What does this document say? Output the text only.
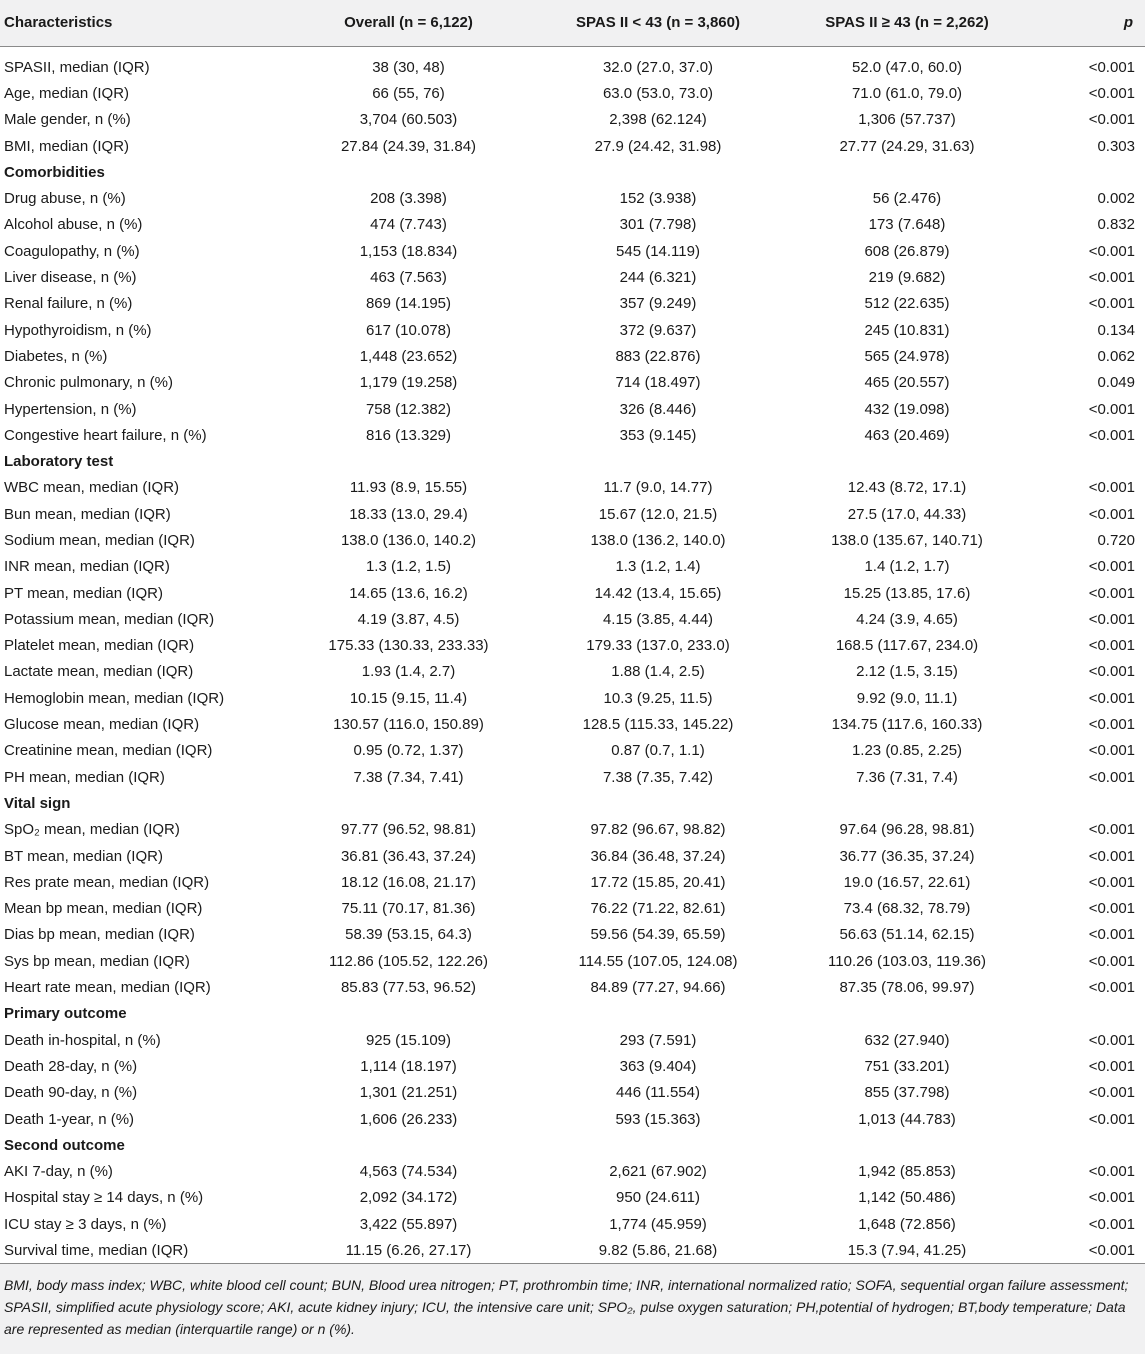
Characteristics	Overall (n = 6,122)	SPAS II < 43 (n = 3,860)	SPAS II ≥ 43 (n = 2,262)	p

SPASII, median (IQR)	38 (30, 48)	32.0 (27.0, 37.0)	52.0 (47.0, 60.0)	<0.001
Age, median (IQR)	66 (55, 76)	63.0 (53.0, 73.0)	71.0 (61.0, 79.0)	<0.001
Male gender, n (%)	3,704 (60.503)	2,398 (62.124)	1,306 (57.737)	<0.001
BMI, median (IQR)	27.84 (24.39, 31.84)	27.9 (24.42, 31.98)	27.77 (24.29, 31.63)	0.303
Comorbidities				
Drug abuse, n (%)	208 (3.398)	152 (3.938)	56 (2.476)	0.002
Alcohol abuse, n (%)	474 (7.743)	301 (7.798)	173 (7.648)	0.832
Coagulopathy, n (%)	1,153 (18.834)	545 (14.119)	608 (26.879)	<0.001
Liver disease, n (%)	463 (7.563)	244 (6.321)	219 (9.682)	<0.001
Renal failure, n (%)	869 (14.195)	357 (9.249)	512 (22.635)	<0.001
Hypothyroidism, n (%)	617 (10.078)	372 (9.637)	245 (10.831)	0.134
Diabetes, n (%)	1,448 (23.652)	883 (22.876)	565 (24.978)	0.062
Chronic pulmonary, n (%)	1,179 (19.258)	714 (18.497)	465 (20.557)	0.049
Hypertension, n (%)	758 (12.382)	326 (8.446)	432 (19.098)	<0.001
Congestive heart failure, n (%)	816 (13.329)	353 (9.145)	463 (20.469)	<0.001
Laboratory test				
WBC mean, median (IQR)	11.93 (8.9, 15.55)	11.7 (9.0, 14.77)	12.43 (8.72, 17.1)	<0.001
Bun mean, median (IQR)	18.33 (13.0, 29.4)	15.67 (12.0, 21.5)	27.5 (17.0, 44.33)	<0.001
Sodium mean, median (IQR)	138.0 (136.0, 140.2)	138.0 (136.2, 140.0)	138.0 (135.67, 140.71)	0.720
INR mean, median (IQR)	1.3 (1.2, 1.5)	1.3 (1.2, 1.4)	1.4 (1.2, 1.7)	<0.001
PT mean, median (IQR)	14.65 (13.6, 16.2)	14.42 (13.4, 15.65)	15.25 (13.85, 17.6)	<0.001
Potassium mean, median (IQR)	4.19 (3.87, 4.5)	4.15 (3.85, 4.44)	4.24 (3.9, 4.65)	<0.001
Platelet mean, median (IQR)	175.33 (130.33, 233.33)	179.33 (137.0, 233.0)	168.5 (117.67, 234.0)	<0.001
Lactate mean, median (IQR)	1.93 (1.4, 2.7)	1.88 (1.4, 2.5)	2.12 (1.5, 3.15)	<0.001
Hemoglobin mean, median (IQR)	10.15 (9.15, 11.4)	10.3 (9.25, 11.5)	9.92 (9.0, 11.1)	<0.001
Glucose mean, median (IQR)	130.57 (116.0, 150.89)	128.5 (115.33, 145.22)	134.75 (117.6, 160.33)	<0.001
Creatinine mean, median (IQR)	0.95 (0.72, 1.37)	0.87 (0.7, 1.1)	1.23 (0.85, 2.25)	<0.001
PH mean, median (IQR)	7.38 (7.34, 7.41)	7.38 (7.35, 7.42)	7.36 (7.31, 7.4)	<0.001
Vital sign				
SpO₂ mean, median (IQR)	97.77 (96.52, 98.81)	97.82 (96.67, 98.82)	97.64 (96.28, 98.81)	<0.001
BT mean, median (IQR)	36.81 (36.43, 37.24)	36.84 (36.48, 37.24)	36.77 (36.35, 37.24)	<0.001
Res prate mean, median (IQR)	18.12 (16.08, 21.17)	17.72 (15.85, 20.41)	19.0 (16.57, 22.61)	<0.001
Mean bp mean, median (IQR)	75.11 (70.17, 81.36)	76.22 (71.22, 82.61)	73.4 (68.32, 78.79)	<0.001
Dias bp mean, median (IQR)	58.39 (53.15, 64.3)	59.56 (54.39, 65.59)	56.63 (51.14, 62.15)	<0.001
Sys bp mean, median (IQR)	112.86 (105.52, 122.26)	114.55 (107.05, 124.08)	110.26 (103.03, 119.36)	<0.001
Heart rate mean, median (IQR)	85.83 (77.53, 96.52)	84.89 (77.27, 94.66)	87.35 (78.06, 99.97)	<0.001
Primary outcome				
Death in-hospital, n (%)	925 (15.109)	293 (7.591)	632 (27.940)	<0.001
Death 28-day, n (%)	1,114 (18.197)	363 (9.404)	751 (33.201)	<0.001
Death 90-day, n (%)	1,301 (21.251)	446 (11.554)	855 (37.798)	<0.001
Death 1-year, n (%)	1,606 (26.233)	593 (15.363)	1,013 (44.783)	<0.001
Second outcome				
AKI 7-day, n (%)	4,563 (74.534)	2,621 (67.902)	1,942 (85.853)	<0.001
Hospital stay ≥ 14 days, n (%)	2,092 (34.172)	950 (24.611)	1,142 (50.486)	<0.001
ICU stay ≥ 3 days, n (%)	3,422 (55.897)	1,774 (45.959)	1,648 (72.856)	<0.001
Survival time, median (IQR)	11.15 (6.26, 27.17)	9.82 (5.86, 21.68)	15.3 (7.94, 41.25)	<0.001
BMI, body mass index; WBC, white blood cell count; BUN, Blood urea nitrogen; PT, prothrombin time; INR, international normalized ratio; SOFA, sequential organ failure assessment; SPASII, simplified acute physiology score; AKI, acute kidney injury; ICU, the intensive care unit; SPO₂, pulse oxygen saturation; PH,potential of hydrogen; BT,body temperature; Data are represented as median (interquartile range) or n (%).
